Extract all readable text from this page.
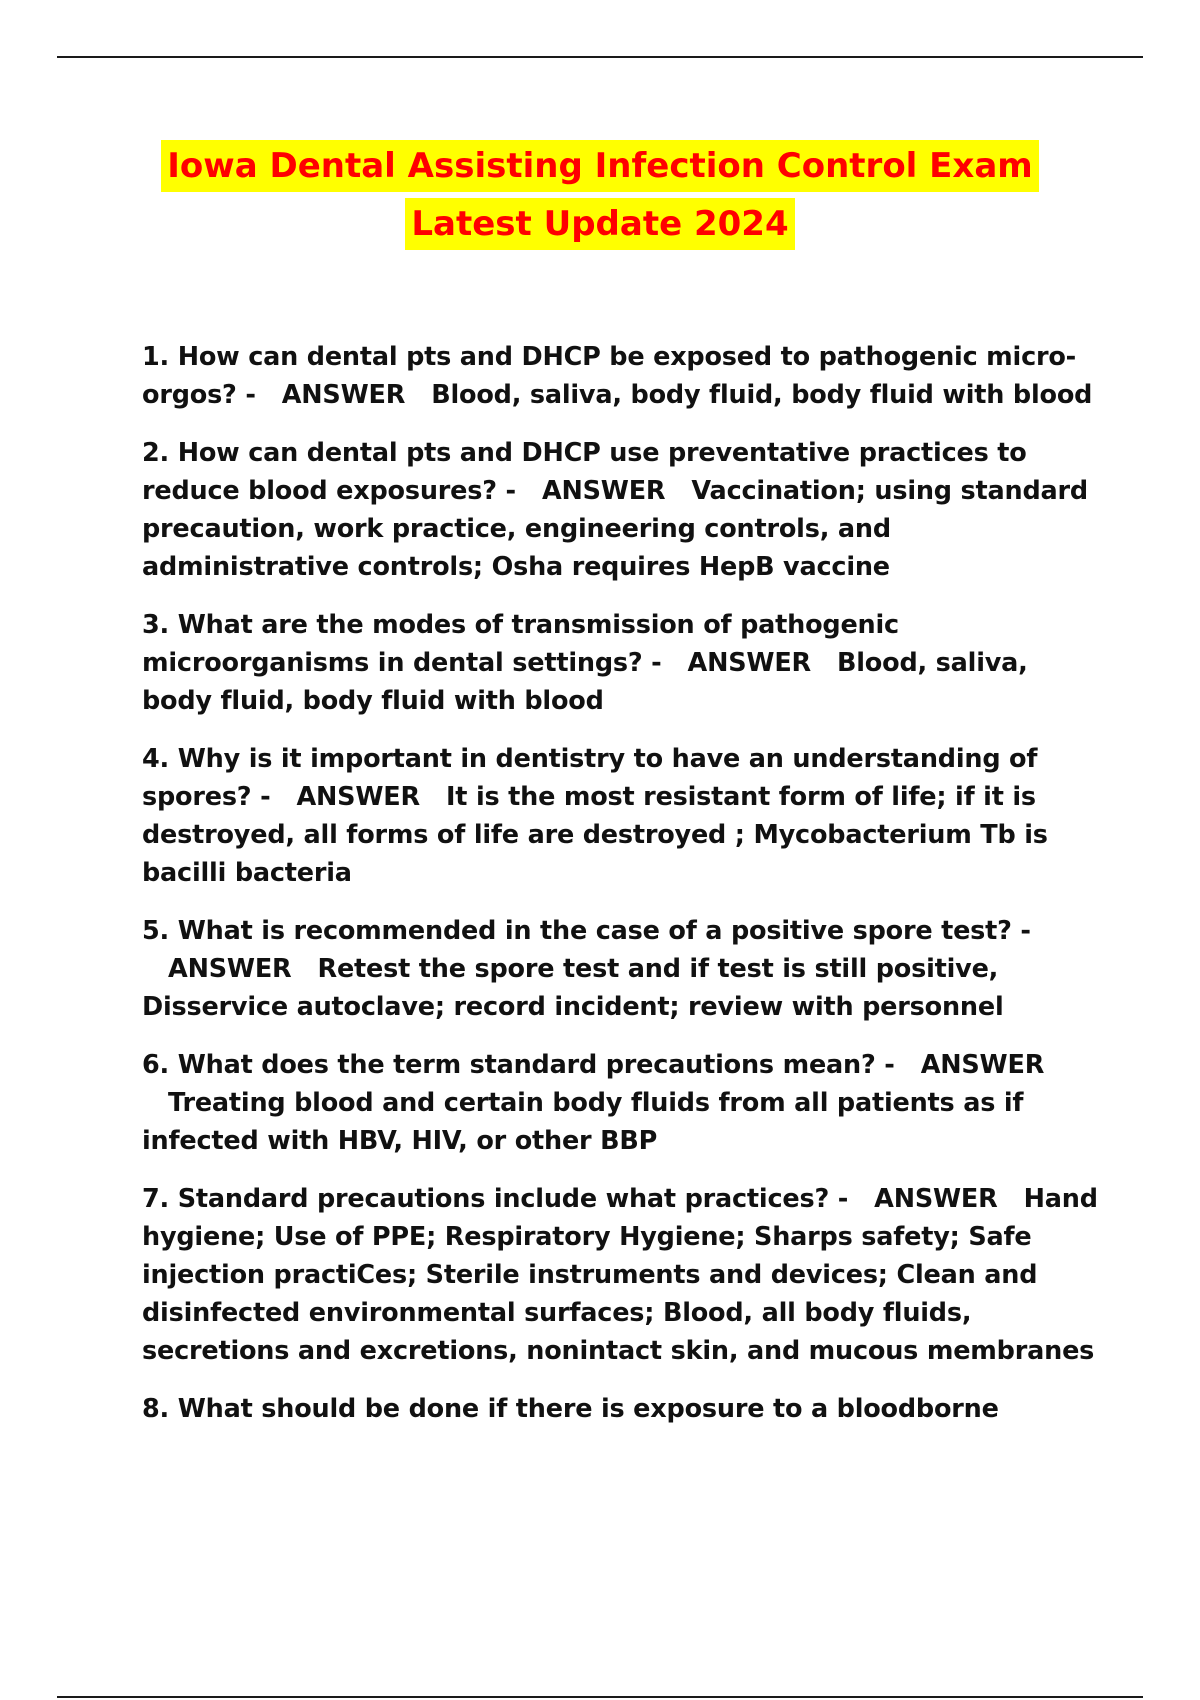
Iowa Dental Assisting Infection Control Exam
Latest Update 2024
1. How can dental pts and DHCP be exposed to pathogenic micro-orgos? - ANSWER Blood, saliva, body fluid, body fluid with blood
2. How can dental pts and DHCP use preventative practices to reduce blood exposures? - ANSWER Vaccination; using standard precaution, work practice, engineering controls, and administrative controls; Osha requires HepB vaccine
3. What are the modes of transmission of pathogenic microorganisms in dental settings? - ANSWER Blood, saliva, body fluid, body fluid with blood
4. Why is it important in dentistry to have an understanding of spores? - ANSWER It is the most resistant form of life; if it is destroyed, all forms of life are destroyed ; Mycobacterium Tb is bacilli bacteria
5. What is recommended in the case of a positive spore test? -   ANSWER Retest the spore test and if test is still positive, Disservice autoclave; record incident; review with personnel
6. What does the term standard precautions mean? - ANSWER   Treating blood and certain body fluids from all patients as if infected with HBV, HIV, or other BBP
7. Standard precautions include what practices? - ANSWER Hand hygiene; Use of PPE; Respiratory Hygiene; Sharps safety; Safe injection practiCes; Sterile instruments and devices; Clean and disinfected environmental surfaces; Blood, all body fluids, secretions and excretions, nonintact skin, and mucous membranes
8. What should be done if there is exposure to a bloodborne
